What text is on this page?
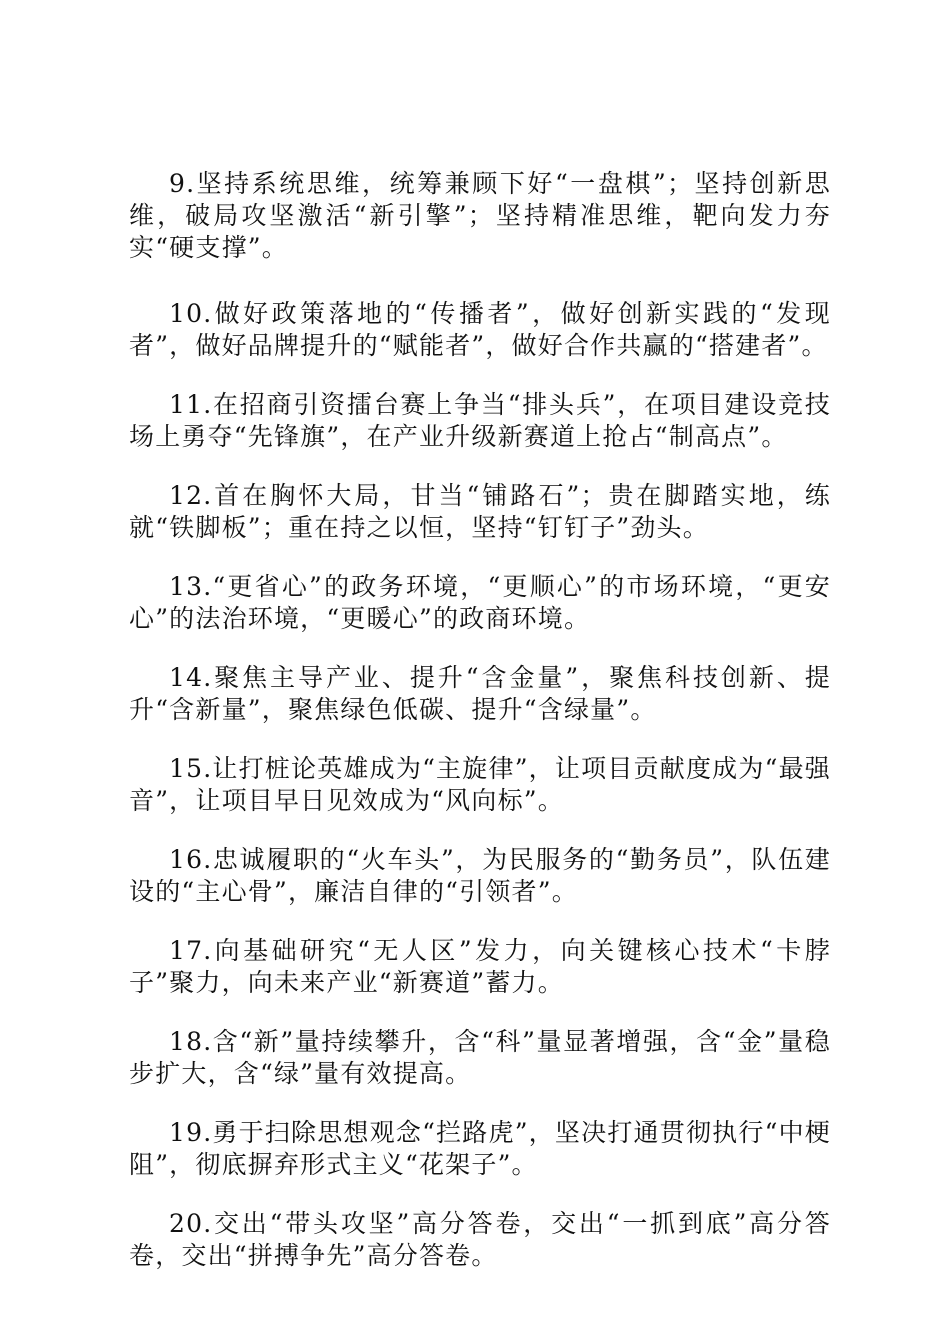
9.坚持系统思维，统筹兼顾下好“一盘棋”；坚持创新思维，破局攻坚激活“新引擎”；坚持精准思维，靶向发力夯实“硬支撑”。

10.做好政策落地的“传播者”，做好创新实践的“发现者”，做好品牌提升的“赋能者”，做好合作共赢的“搭建者”。

11.在招商引资擂台赛上争当“排头兵”，在项目建设竞技场上勇夺“先锋旗”，在产业升级新赛道上抢占“制高点”。

12.首在胸怀大局，甘当“铺路石”；贵在脚踏实地，练就“铁脚板”；重在持之以恒，坚持“钉钉子”劲头。

13.“更省心”的政务环境，“更顺心”的市场环境，“更安心”的法治环境，“更暖心”的政商环境。

14.聚焦主导产业、提升“含金量”，聚焦科技创新、提升“含新量”，聚焦绿色低碳、提升“含绿量”。

15.让打桩论英雄成为“主旋律”，让项目贡献度成为“最强音”，让项目早日见效成为“风向标”。

16.忠诚履职的“火车头”，为民服务的“勤务员”，队伍建设的“主心骨”，廉洁自律的“引领者”。

17.向基础研究“无人区”发力，向关键核心技术“卡脖子”聚力，向未来产业“新赛道”蓄力。

18.含“新”量持续攀升，含“科”量显著增强，含“金”量稳步扩大，含“绿”量有效提高。

19.勇于扫除思想观念“拦路虎”，坚决打通贯彻执行“中梗阻”，彻底摒弃形式主义“花架子”。

20.交出“带头攻坚”高分答卷，交出“一抓到底”高分答卷，交出“拼搏争先”高分答卷。
